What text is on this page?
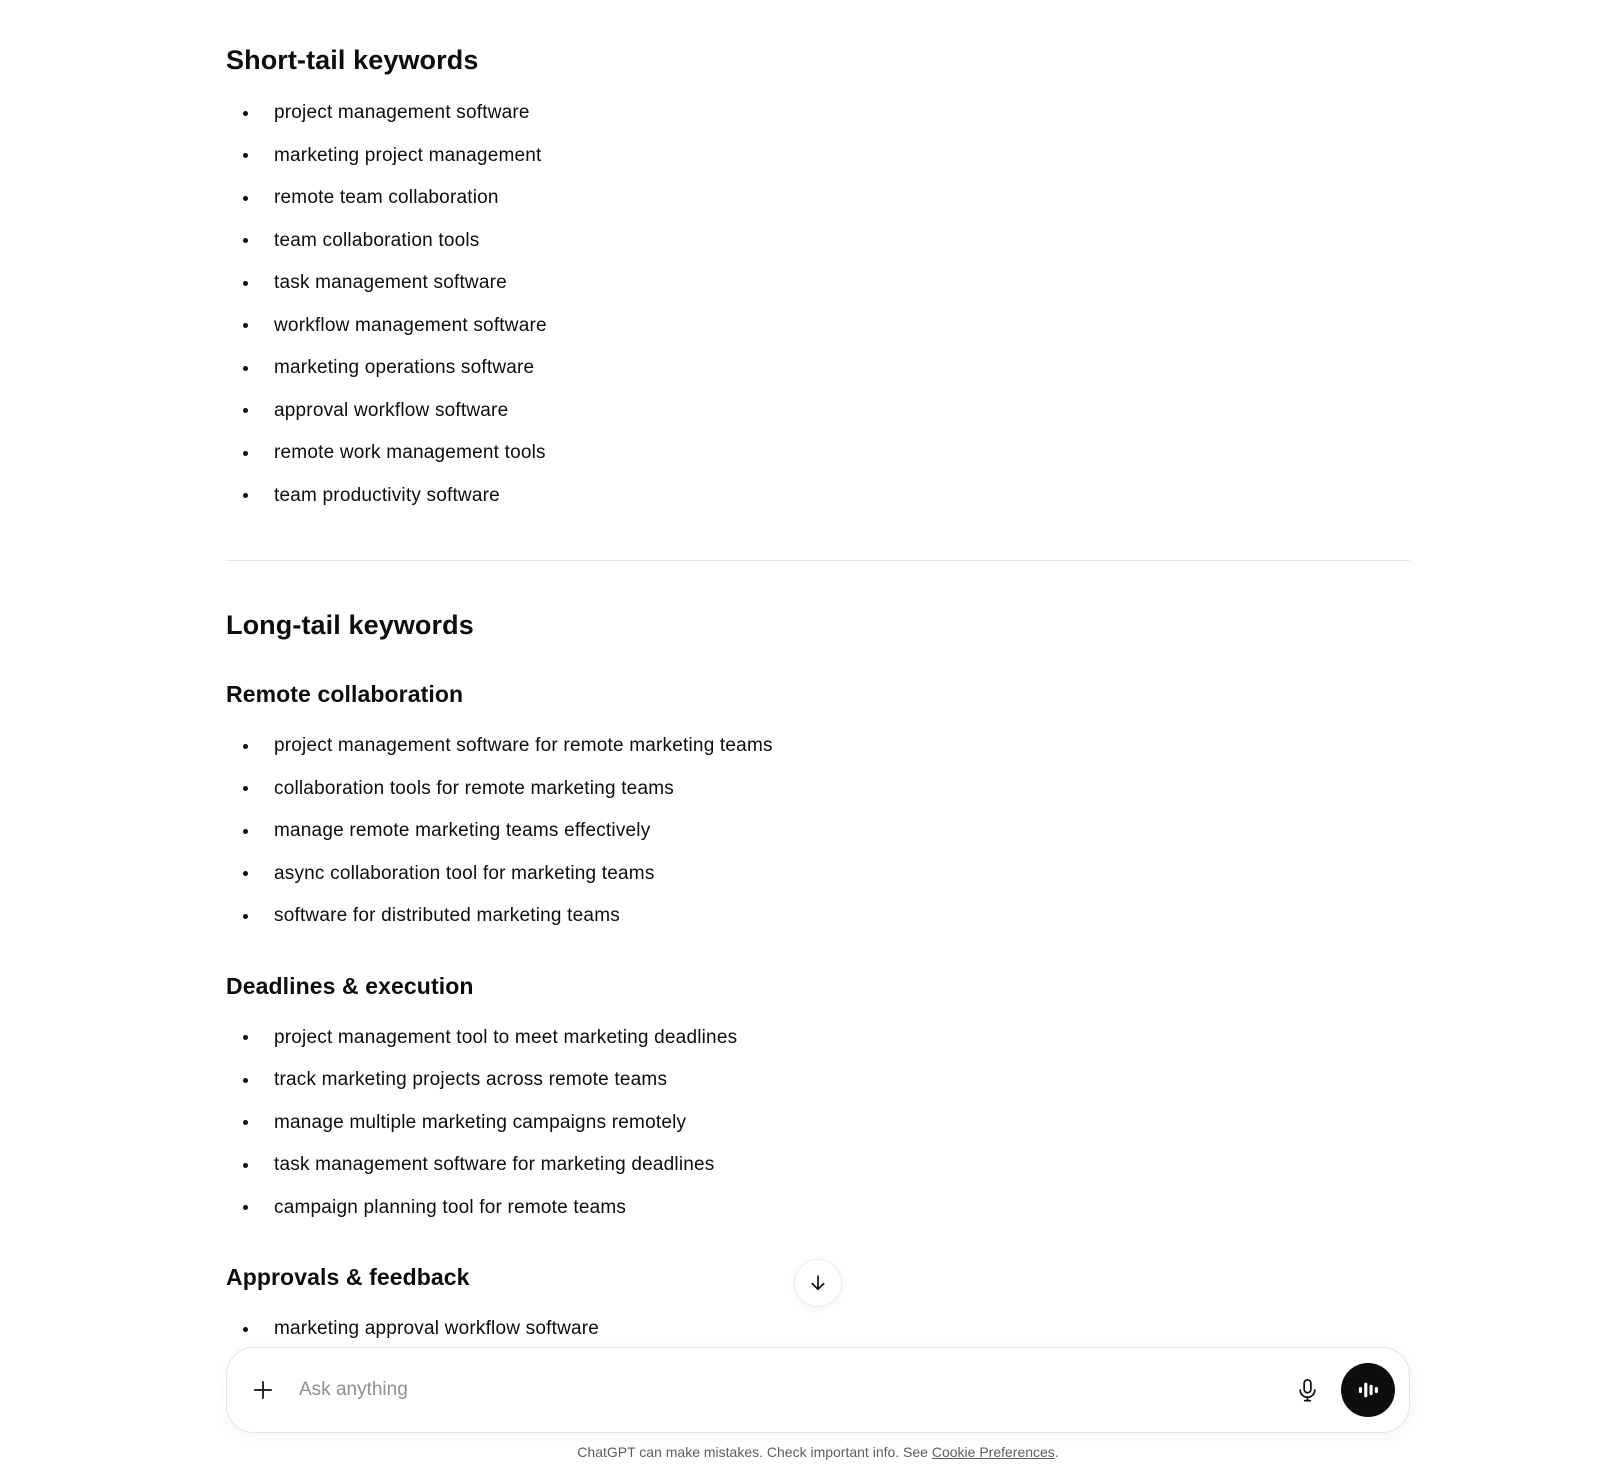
Short-tail keywords
project management software
marketing project management
remote team collaboration
team collaboration tools
task management software
workflow management software
marketing operations software
approval workflow software
remote work management tools
team productivity software
Long-tail keywords
Remote collaboration
project management software for remote marketing teams
collaboration tools for remote marketing teams
manage remote marketing teams effectively
async collaboration tool for marketing teams
software for distributed marketing teams
Deadlines & execution
project management tool to meet marketing deadlines
track marketing projects across remote teams
manage multiple marketing campaigns remotely
task management software for marketing deadlines
campaign planning tool for remote teams
Approvals & feedback
marketing approval workflow software
Ask anything
ChatGPT can make mistakes. Check important info. See Cookie Preferences.
